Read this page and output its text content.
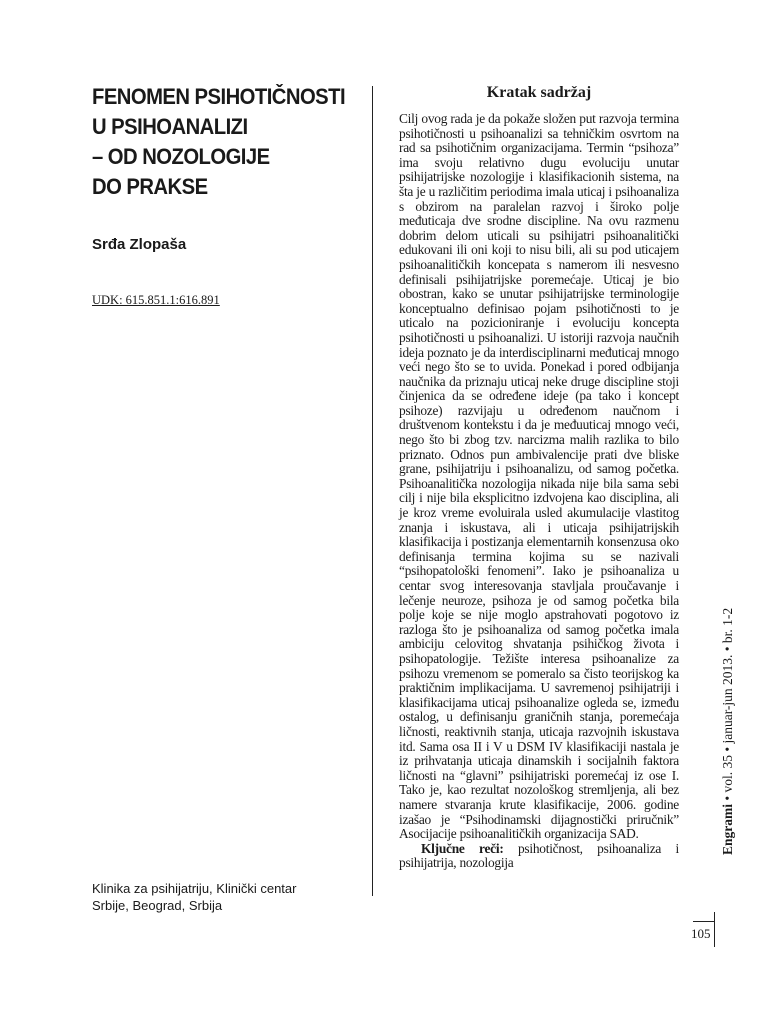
FENOMEN PSIHOTIČNOSTI
U PSIHOANALIZI
– OD NOZOLOGIJE
DO PRAKSE

Srđa Zlopaša

UDK: 615.851.1:616.891

Klinika za psihijatriju, Klinički centar
Srbije, Beograd, Srbija

Kratak sadržaj

Cilj ovog rada je da pokaže složen put razvoja termina psihotičnosti u psihoanalizi sa tehničkim osvrtom na rad sa psihotičnim organizacijama. Termin “psihoza” ima svoju relativno dugu evoluciju unutar psihijatrijske nozologije i klasifikacionih sistema, na šta je u različitim periodima imala uticaj i psihoanaliza s obzirom na paralelan razvoj i široko polje međuticaja dve srodne discipline. Na ovu razmenu dobrim delom uticali su psihijatri psihoanalitički edukovani ili oni koji to nisu bili, ali su pod uticajem psihoanalitičkih koncepata s namerom ili nesvesno definisali psihijatrijske poremećaje. Uticaj je bio obostran, kako se unutar psihijatrijske terminologije konceptualno definisao pojam psihotičnosti to je uticalo na pozicioniranje i evoluciju koncepta psihotičnosti u psihoanalizi. U istoriji razvoja naučnih ideja poznato je da interdisciplinarni međuticaj mnogo veći nego što se to uvida. Ponekad i pored odbijanja naučnika da priznaju uticaj neke druge discipline stoji činjenica da se određene ideje (pa tako i koncept psihoze) razvijaju u određenom naučnom i društvenom kontekstu i da je međuuticaj mnogo veći, nego što bi zbog tzv. narcizma malih razlika to bilo priznato. Odnos pun ambivalencije prati dve bliske grane, psihijatriju i psihoanalizu, od samog početka. Psihoanalitička nozologija nikada nije bila sama sebi cilj i nije bila eksplicitno izdvojena kao disciplina, ali je kroz vreme evoluirala usled akumulacije vlastitog znanja i iskustava, ali i uticaja psihijatrijskih klasifikacija i postizanja elementarnih konsenzusa oko definisanja termina kojima su se nazivali “psihopatološki fenomeni”. Iako je psihoanaliza u centar svog interesovanja stavljala proučavanje i lečenje neuroze, psihoza je od samog početka bila polje koje se nije moglo apstrahovati pogotovo iz razloga što je psihoanaliza od samog početka imala ambiciju celovitog shvatanja psihičkog života i psihopatologije. Težište interesa psihoanalize za psihozu vremenom se pomeralo sa čisto teorijskog ka praktičnim implikacijama. U savremenoj psihijatriji i klasifikacijama uticaj psihoanalize ogleda se, između ostalog, u definisanju graničnih stanja, poremećaja ličnosti, reaktivnih stanja, uticaja razvojnih iskustava itd. Sama osa II i V u DSM IV klasifikaciji nastala je iz prihvatanja uticaja dinamskih i socijalnih faktora ličnosti na “glavni” psihijatriski poremećaj iz ose I. Tako je, kao rezultat nozološkog stremljenja, ali bez namere stvaranja krute klasifikacije, 2006. godine izašao je “Psihodinamski dijagnostički priručnik” Asocijacije psihoanalitičkih organizacija SAD.

Ključne reči: psihotičnost, psihoanaliza i psihijatrija, nozologija

Engrami • vol. 35 • januar-jun 2013. • br. 1-2

105
